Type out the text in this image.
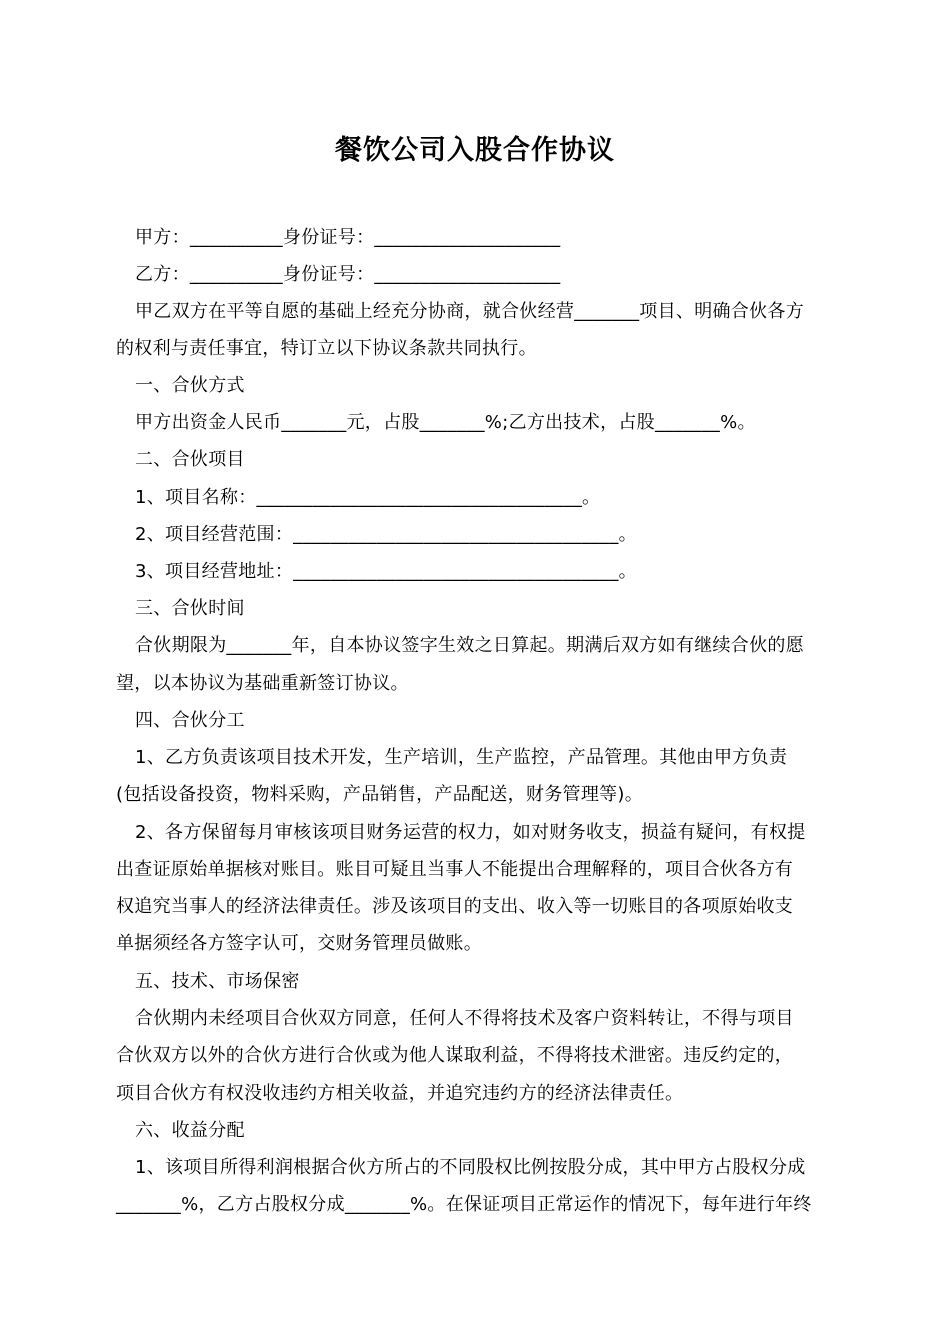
餐饮公司入股合作协议
甲方：__________身份证号：____________________
乙方：__________身份证号：____________________
甲乙双方在平等自愿的基础上经充分协商，就合伙经营_______项目、明确合伙各方
的权利与责任事宜，特订立以下协议条款共同执行。
一、合伙方式
甲方出资金人民币_______元，占股_______%;乙方出技术，占股_______%。
二、合伙项目
1、项目名称：___________________________________。
2、项目经营范围：___________________________________。
3、项目经营地址：___________________________________。
三、合伙时间
合伙期限为_______年，自本协议签字生效之日算起。期满后双方如有继续合伙的愿
望，以本协议为基础重新签订协议。
四、合伙分工
1、乙方负责该项目技术开发，生产培训，生产监控，产品管理。其他由甲方负责
(包括设备投资，物料采购，产品销售，产品配送，财务管理等)。
2、各方保留每月审核该项目财务运营的权力，如对财务收支，损益有疑问，有权提
出查证原始单据核对账目。账目可疑且当事人不能提出合理解释的，项目合伙各方有
权追究当事人的经济法律责任。涉及该项目的支出、收入等一切账目的各项原始收支
单据须经各方签字认可，交财务管理员做账。
五、技术、市场保密
合伙期内未经项目合伙双方同意，任何人不得将技术及客户资料转让，不得与项目
合伙双方以外的合伙方进行合伙或为他人谋取利益，不得将技术泄密。违反约定的，
项目合伙方有权没收违约方相关收益，并追究违约方的经济法律责任。
六、收益分配
1、该项目所得利润根据合伙方所占的不同股权比例按股分成，其中甲方占股权分成
_______%，乙方占股权分成_______%。在保证项目正常运作的情况下，每年进行年终
